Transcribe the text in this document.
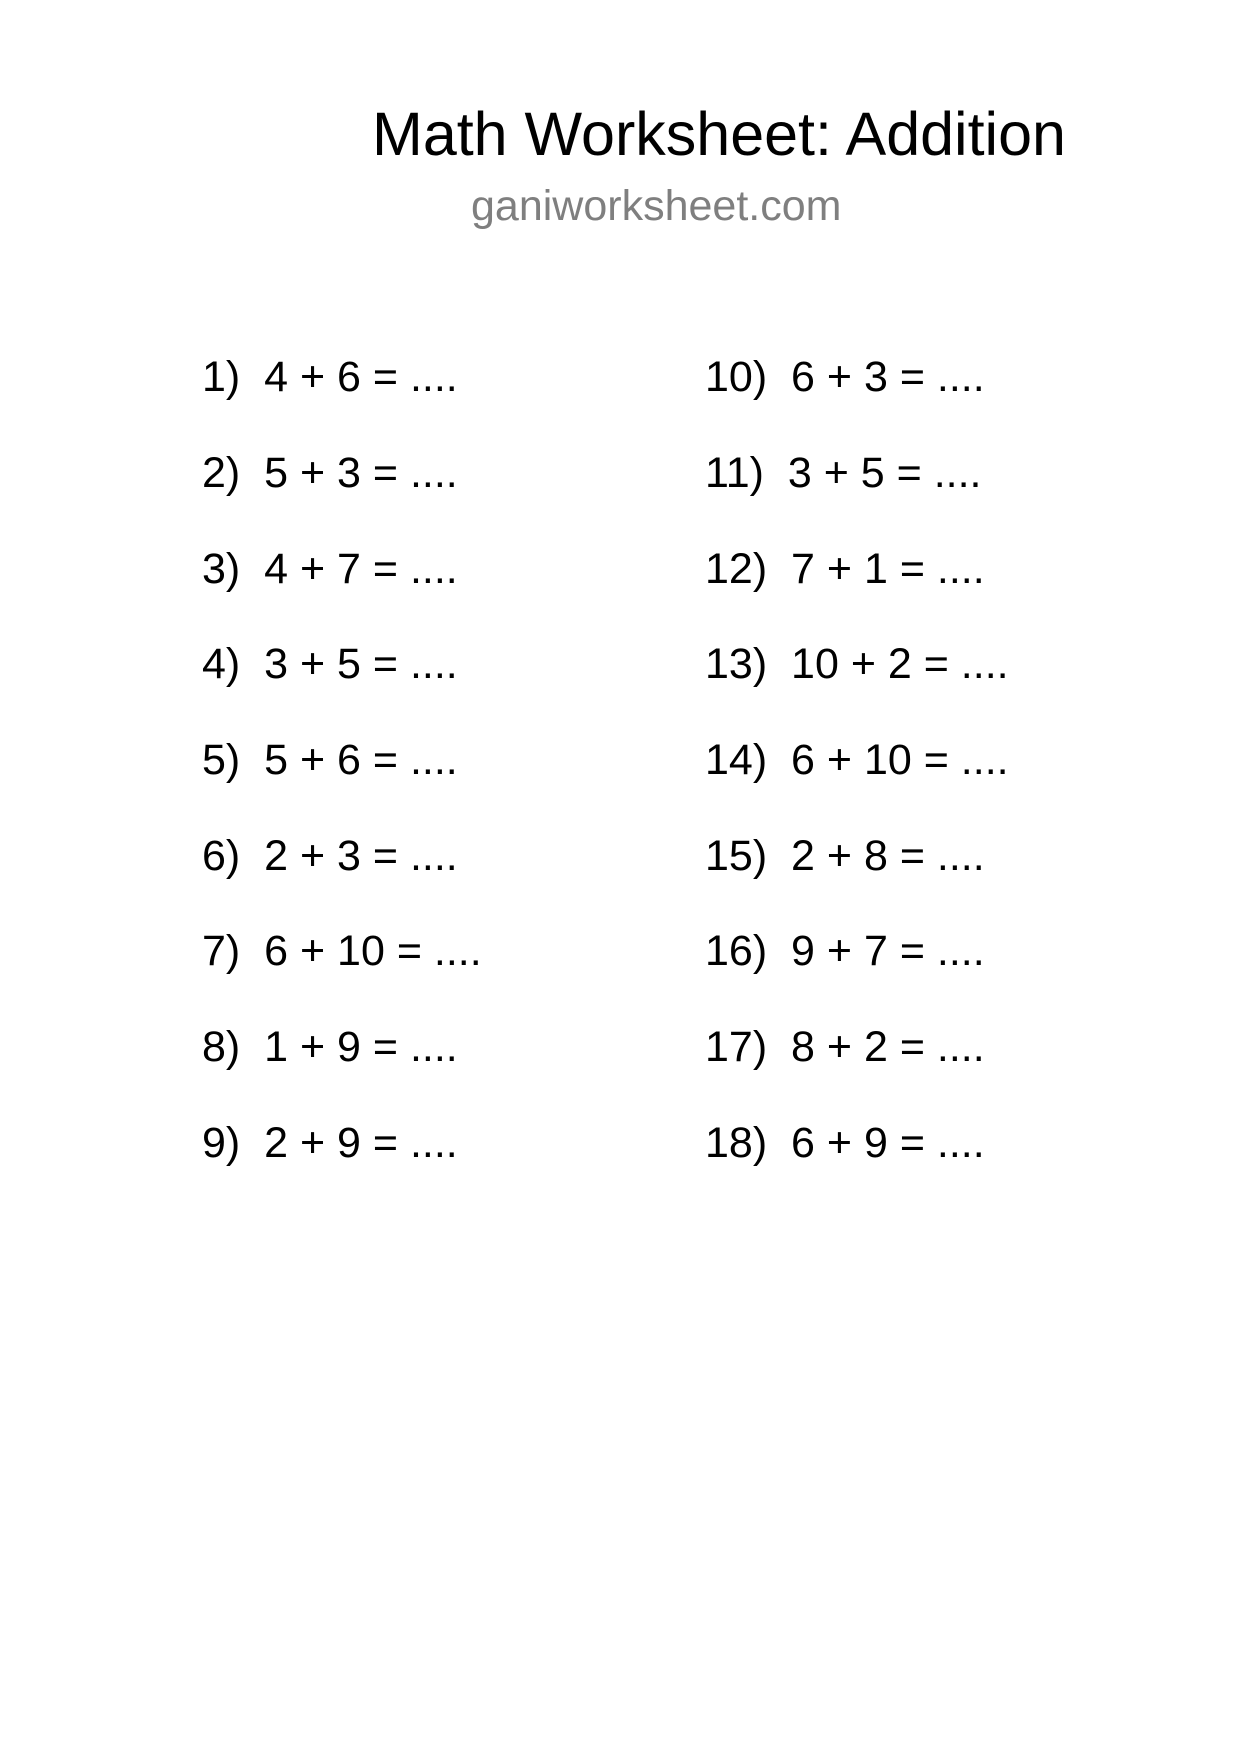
Math Worksheet: Addition
ganiworksheet.com
1)  4 + 6 = ....
2)  5 + 3 = ....
3)  4 + 7 = ....
4)  3 + 5 = ....
5)  5 + 6 = ....
6)  2 + 3 = ....
7)  6 + 10 = ....
8)  1 + 9 = ....
9)  2 + 9 = ....
10)  6 + 3 = ....
11)  3 + 5 = ....
12)  7 + 1 = ....
13)  10 + 2 = ....
14)  6 + 10 = ....
15)  2 + 8 = ....
16)  9 + 7 = ....
17)  8 + 2 = ....
18)  6 + 9 = ....
